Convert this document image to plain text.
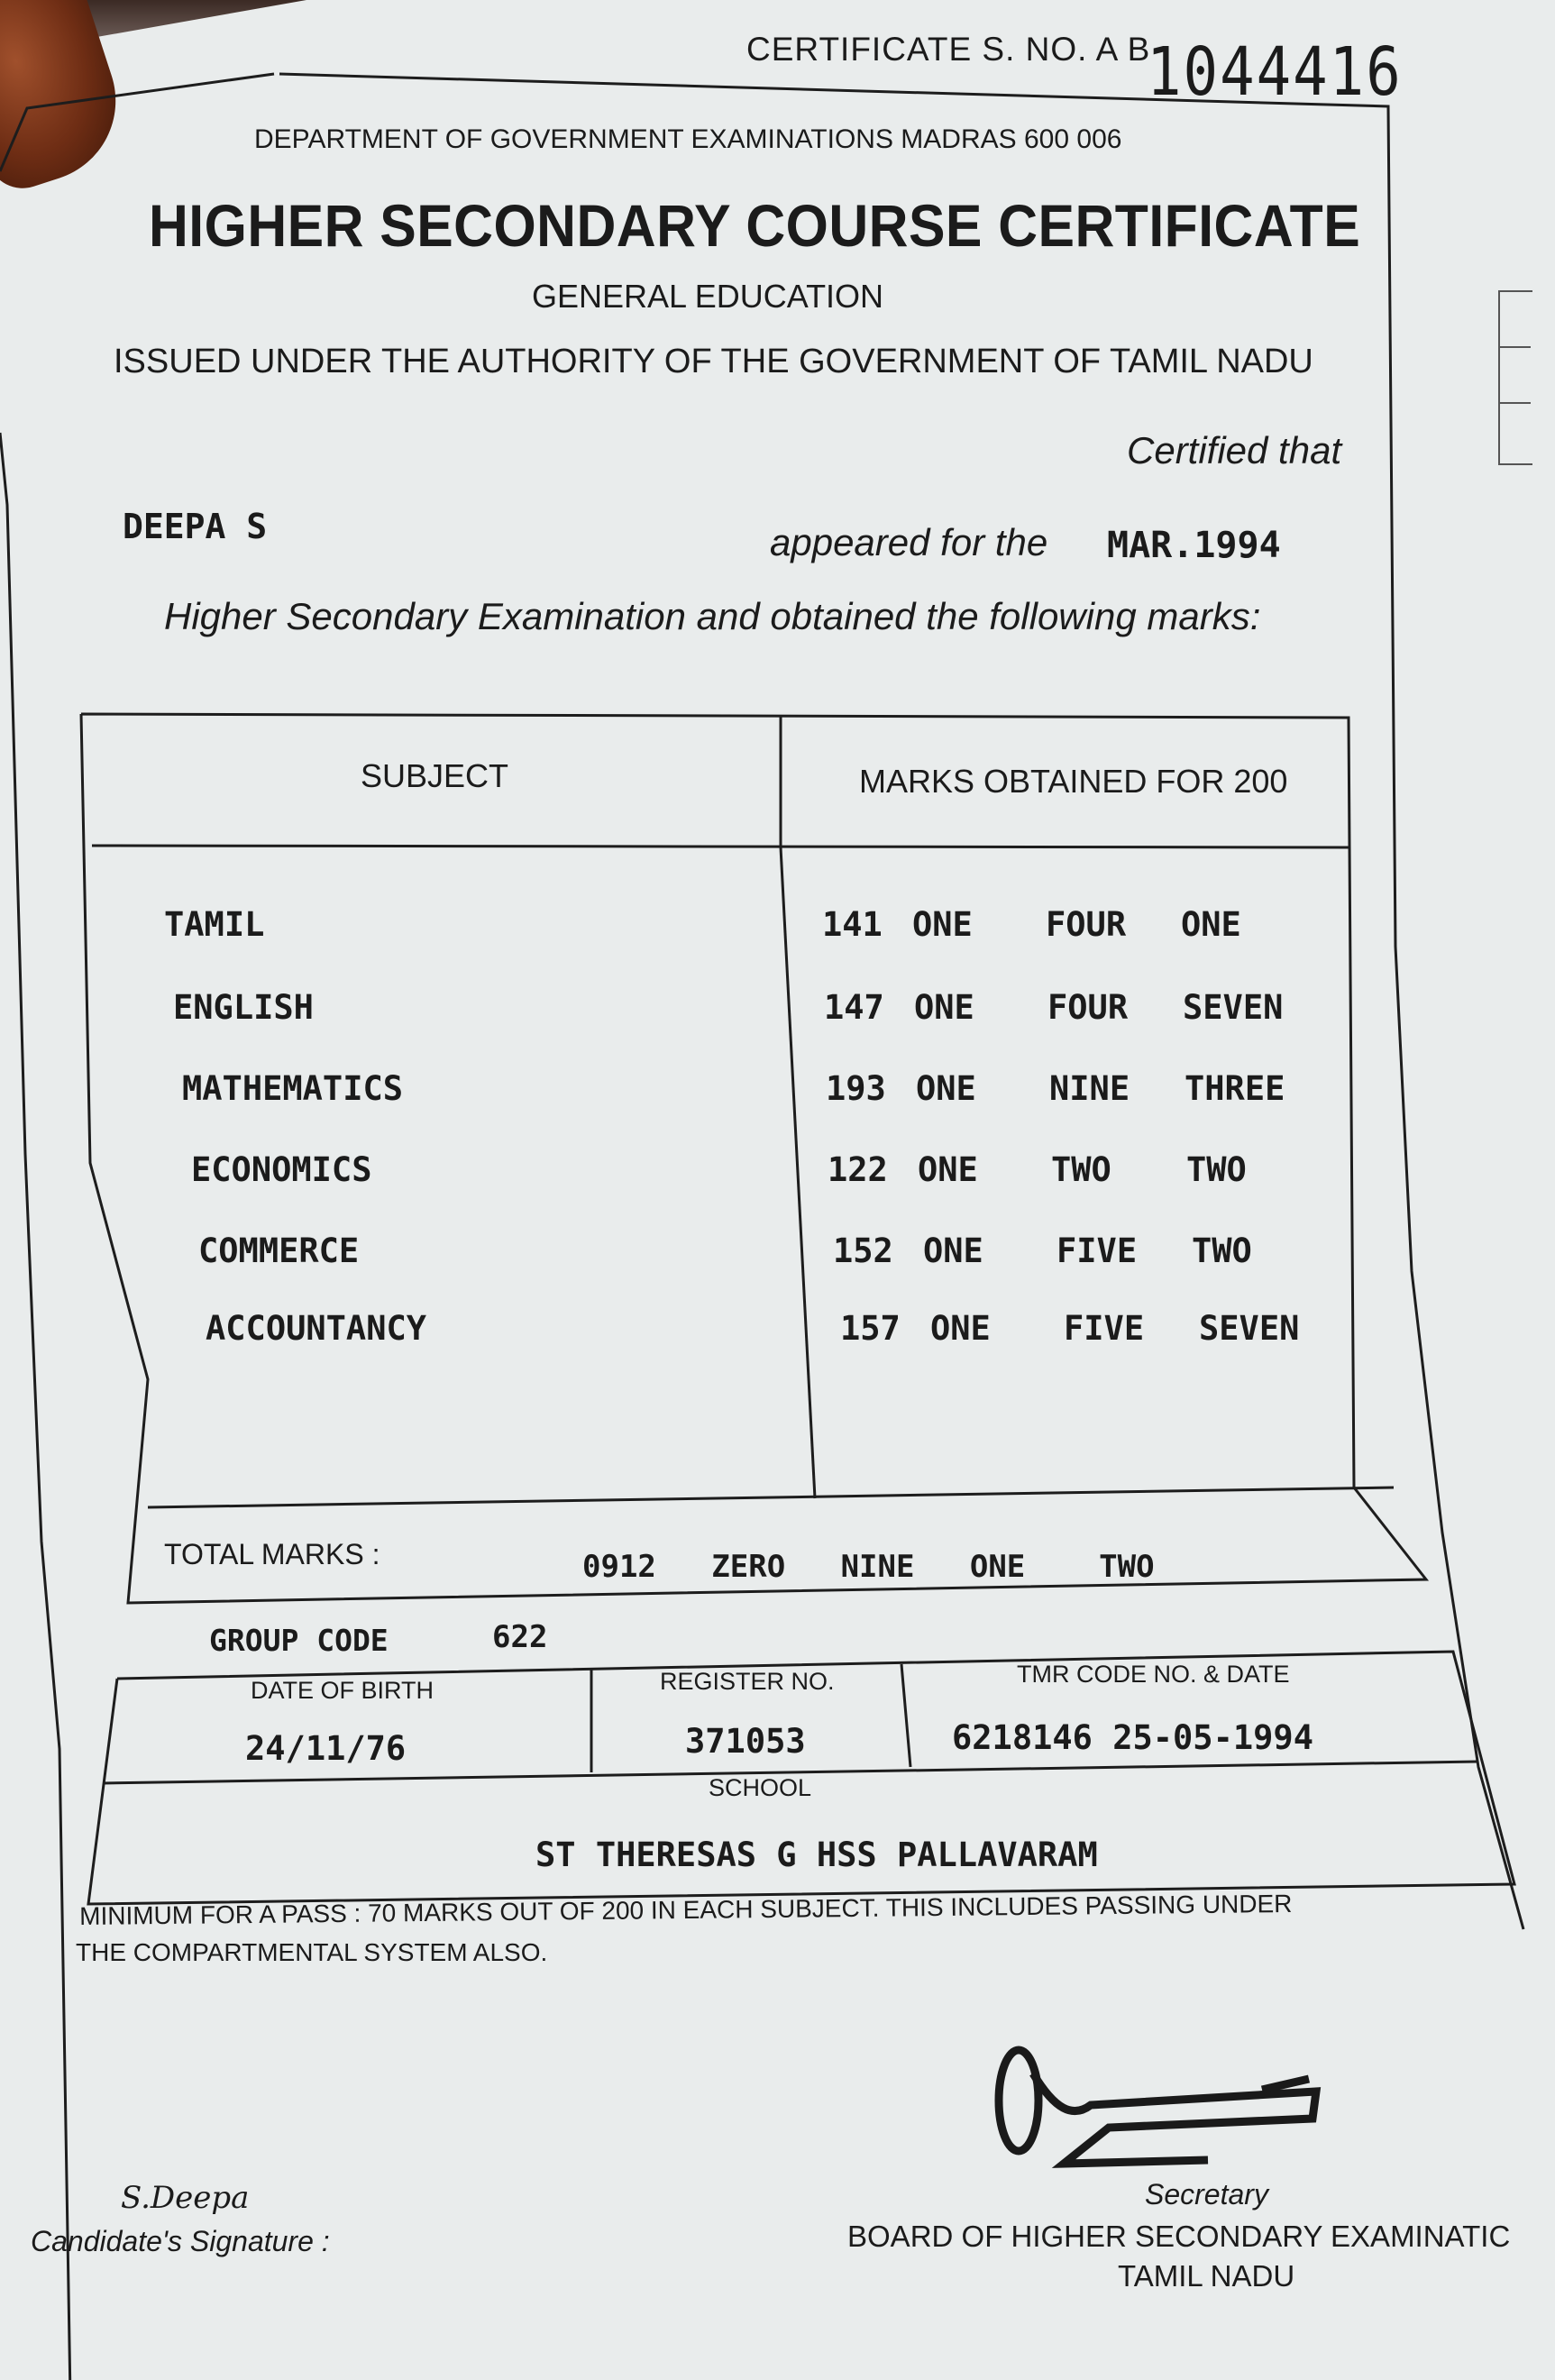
CERTIFICATE S. NO. A B
1044416
DEPARTMENT OF GOVERNMENT EXAMINATIONS MADRAS 600 006
HIGHER SECONDARY COURSE CERTIFICATE
GENERAL EDUCATION
ISSUED UNDER THE AUTHORITY OF THE GOVERNMENT OF TAMIL NADU
Certified that
DEEPA S	appeared for the MAR.1994
Higher Secondary Examination and obtained the following marks:
SUBJECT	MARKS OBTAINED FOR 200
TAMIL	141 ONE FOUR ONE
ENGLISH	147 ONE FOUR SEVEN
MATHEMATICS	193 ONE NINE THREE
ECONOMICS	122 ONE TWO TWO
COMMERCE	152 ONE FIVE TWO
ACCOUNTANCY	157 ONE FIVE SEVEN
TOTAL MARKS :	0912   ZERO   NINE   ONE    TWO
GROUP CODE	622
DATE OF BIRTH	REGISTER NO.	TMR CODE NO. & DATE
24/11/76	371053	6218146 25-05-1994
SCHOOL
ST THERESAS G HSS PALLAVARAM
MINIMUM FOR A PASS : 70 MARKS OUT OF 200 IN EACH SUBJECT. THIS INCLUDES PASSING UNDER
THE COMPARTMENTAL SYSTEM ALSO.
S.Deepa
Candidate's Signature :
Secretary
BOARD OF HIGHER SECONDARY EXAMINATIC
TAMIL NADU
